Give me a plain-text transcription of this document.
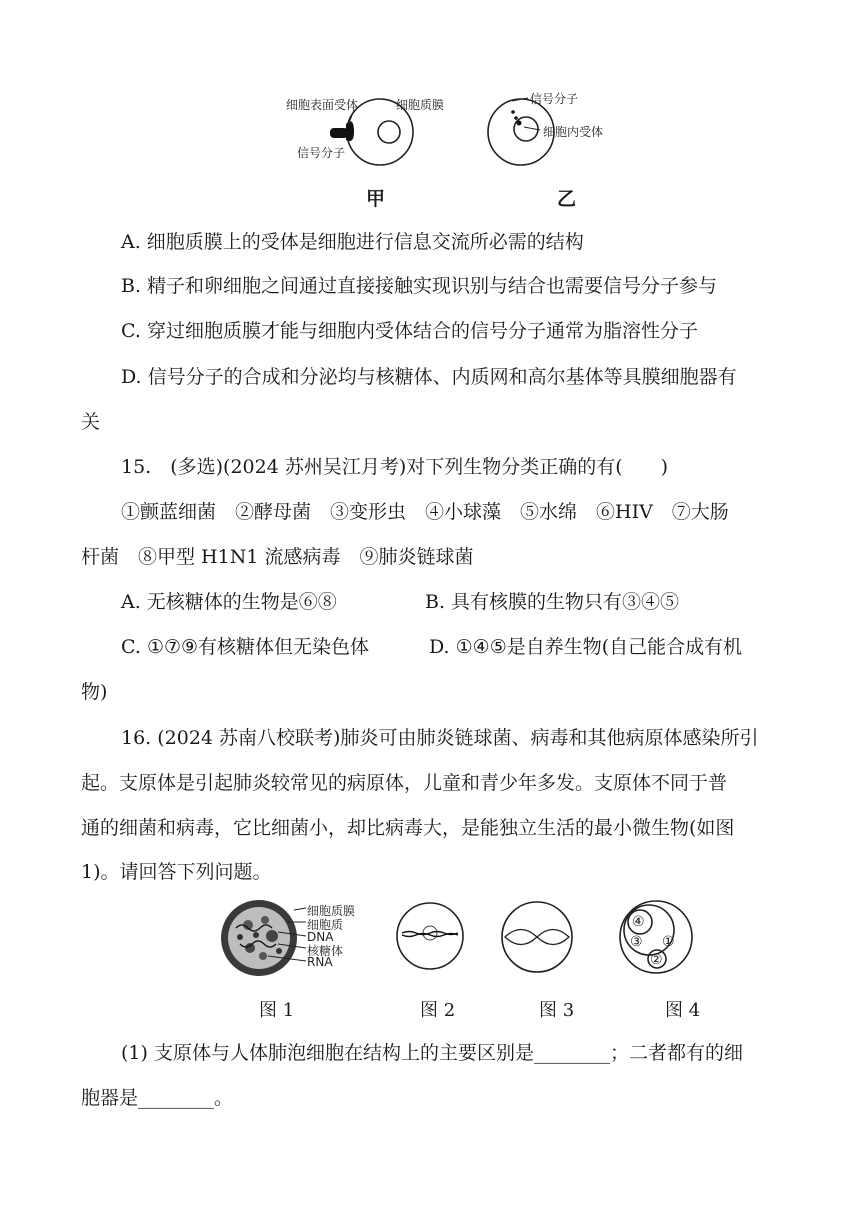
细胞表面受体	细胞质膜
信号分子
信号分子
细胞内受体
甲	乙
A. 细胞质膜上的受体是细胞进行信息交流所必需的结构
B. 精子和卵细胞之间通过直接接触实现识别与结合也需要信号分子参与
C. 穿过细胞质膜才能与细胞内受体结合的信号分子通常为脂溶性分子
D. 信号分子的合成和分泌均与核糖体、内质网和高尔基体等具膜细胞器有
关
15.　(多选)(2024 苏州吴江月考)对下列生物分类正确的有(　　)
①颤蓝细菌　②酵母菌　③变形虫　④小球藻　⑤水绵　⑥HIV　⑦大肠
杆菌　⑧甲型 H1N1 流感病毒　⑨肺炎链球菌
A. 无核糖体的生物是⑥⑧	B. 具有核膜的生物只有③④⑤
C. ①⑦⑨有核糖体但无染色体	D. ①④⑤是自养生物(自己能合成有机
物)
16. (2024 苏南八校联考)肺炎可由肺炎链球菌、病毒和其他病原体感染所引
起。支原体是引起肺炎较常见的病原体，儿童和青少年多发。支原体不同于普
通的细菌和病毒，它比细菌小，却比病毒大，是能独立生活的最小微生物(如图
1)。请回答下列问题。
细胞质膜
细胞质
DNA
核糖体
RNA
④
③ ①
②
图 1	图 2	图 3	图 4
(1) 支原体与人体肺泡细胞在结构上的主要区别是________；二者都有的细
胞器是________。
